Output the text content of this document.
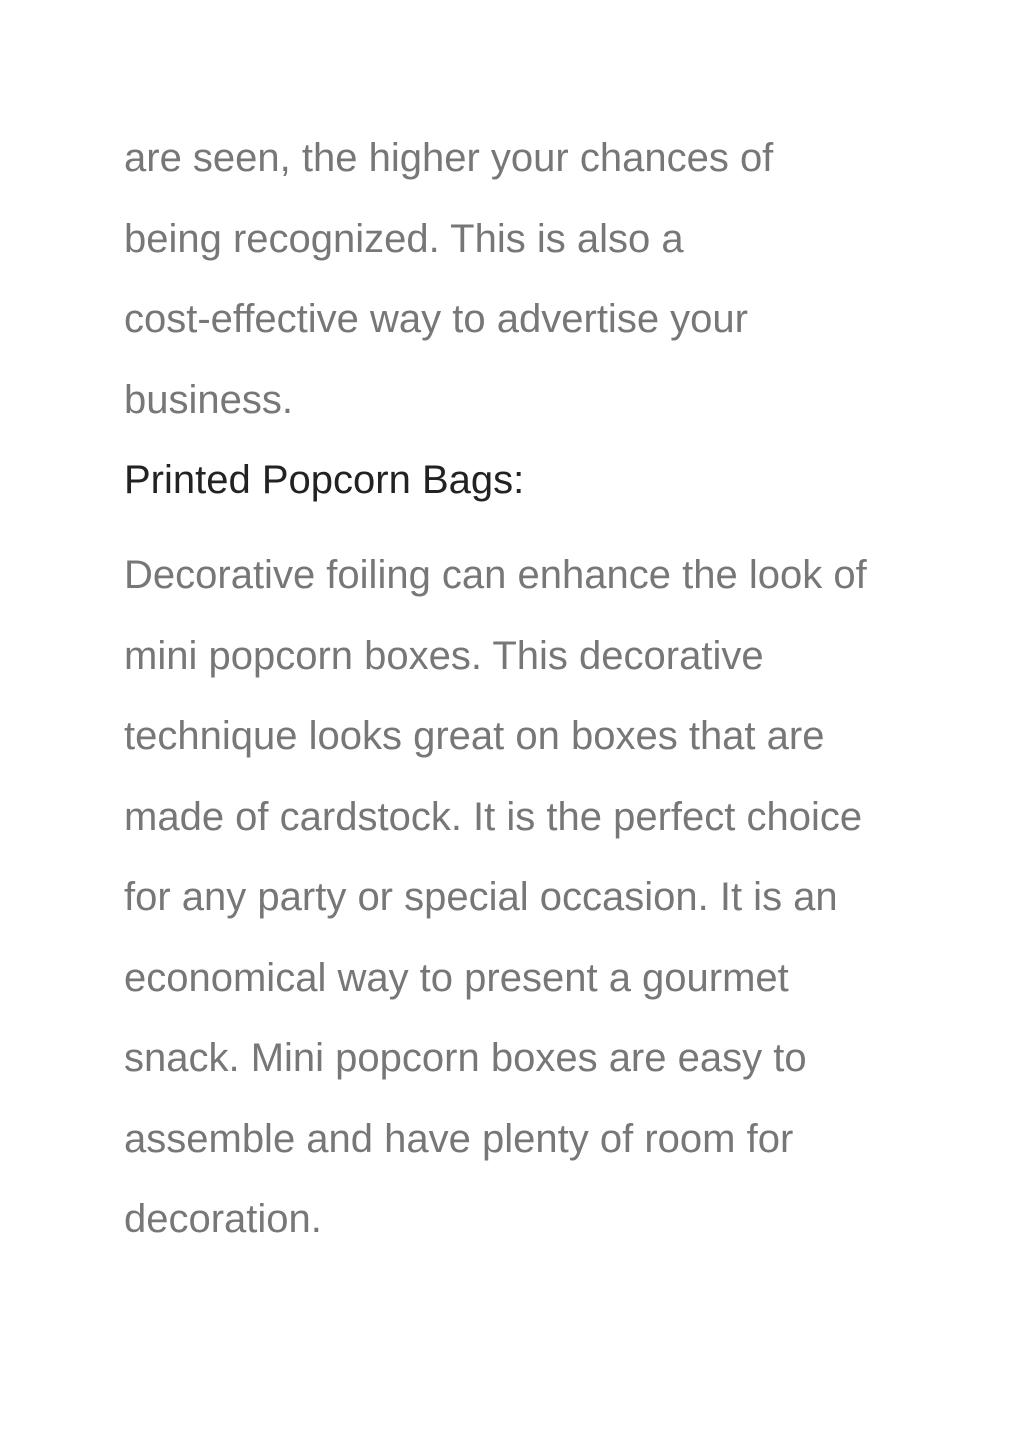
are seen, the higher your chances of
being recognized. This is also a
cost-effective way to advertise your
business.
Printed Popcorn Bags:
Decorative foiling can enhance the look of
mini popcorn boxes. This decorative
technique looks great on boxes that are
made of cardstock. It is the perfect choice
for any party or special occasion. It is an
economical way to present a gourmet
snack. Mini popcorn boxes are easy to
assemble and have plenty of room for
decoration.
